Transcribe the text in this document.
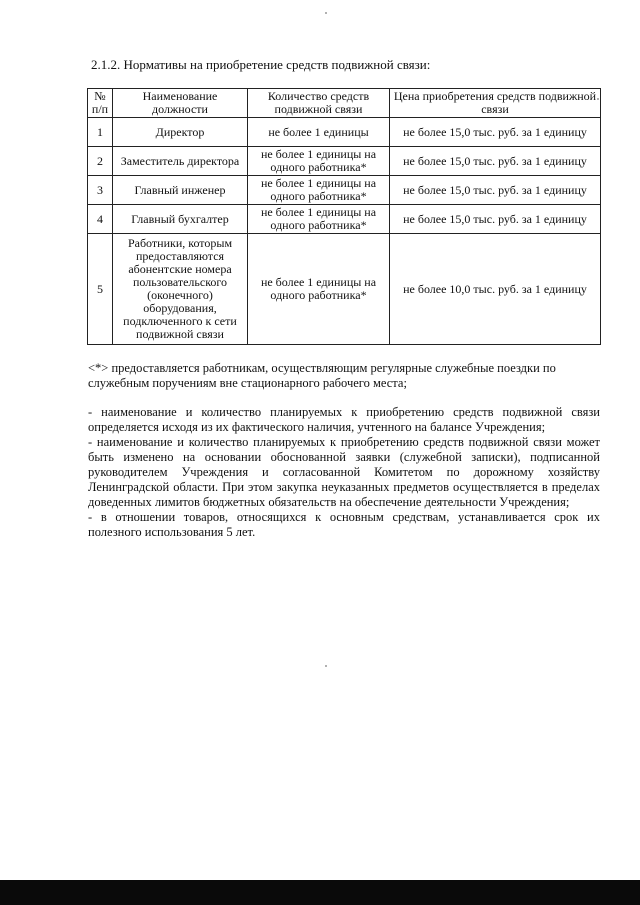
2.1.2. Нормативы на приобретение средств подвижной связи:
№ п/п	Наименование должности	Количество средств подвижной связи	Цена приобретения средств подвижной связи
1	Директор	не более 1 единицы	не более 15,0 тыс. руб. за 1 единицу
2	Заместитель директора	не более 1 единицы на одного работника*	не более 15,0 тыс. руб. за 1 единицу
3	Главный инженер	не более 1 единицы на одного работника*	не более 15,0 тыс. руб. за 1 единицу
4	Главный бухгалтер	не более 1 единицы на одного работника*	не более 15,0 тыс. руб. за 1 единицу
5	Работники, которым предоставляются абонентские номера пользовательского (оконечного) оборудования, подключенного к сети подвижной связи	не более 1 единицы на одного работника*	не более 10,0 тыс. руб. за 1 единицу
<*> предоставляется работникам, осуществляющим регулярные служебные поездки по служебным поручениям вне стационарного рабочего места;

- наименование и количество планируемых к приобретению средств подвижной связи определяется исходя из их фактического наличия, учтенного на балансе Учреждения;

- наименование и количество планируемых к приобретению средств подвижной связи может быть изменено на основании обоснованной заявки (служебной записки), подписанной руководителем Учреждения и согласованной Комитетом по дорожному хозяйству Ленинградской области. При этом закупка неуказанных предметов осуществляется в пределах доведенных лимитов бюджетных обязательств на обеспечение деятельности Учреждения;

- в отношении товаров, относящихся к основным средствам, устанавливается срок их полезного использования 5 лет.
